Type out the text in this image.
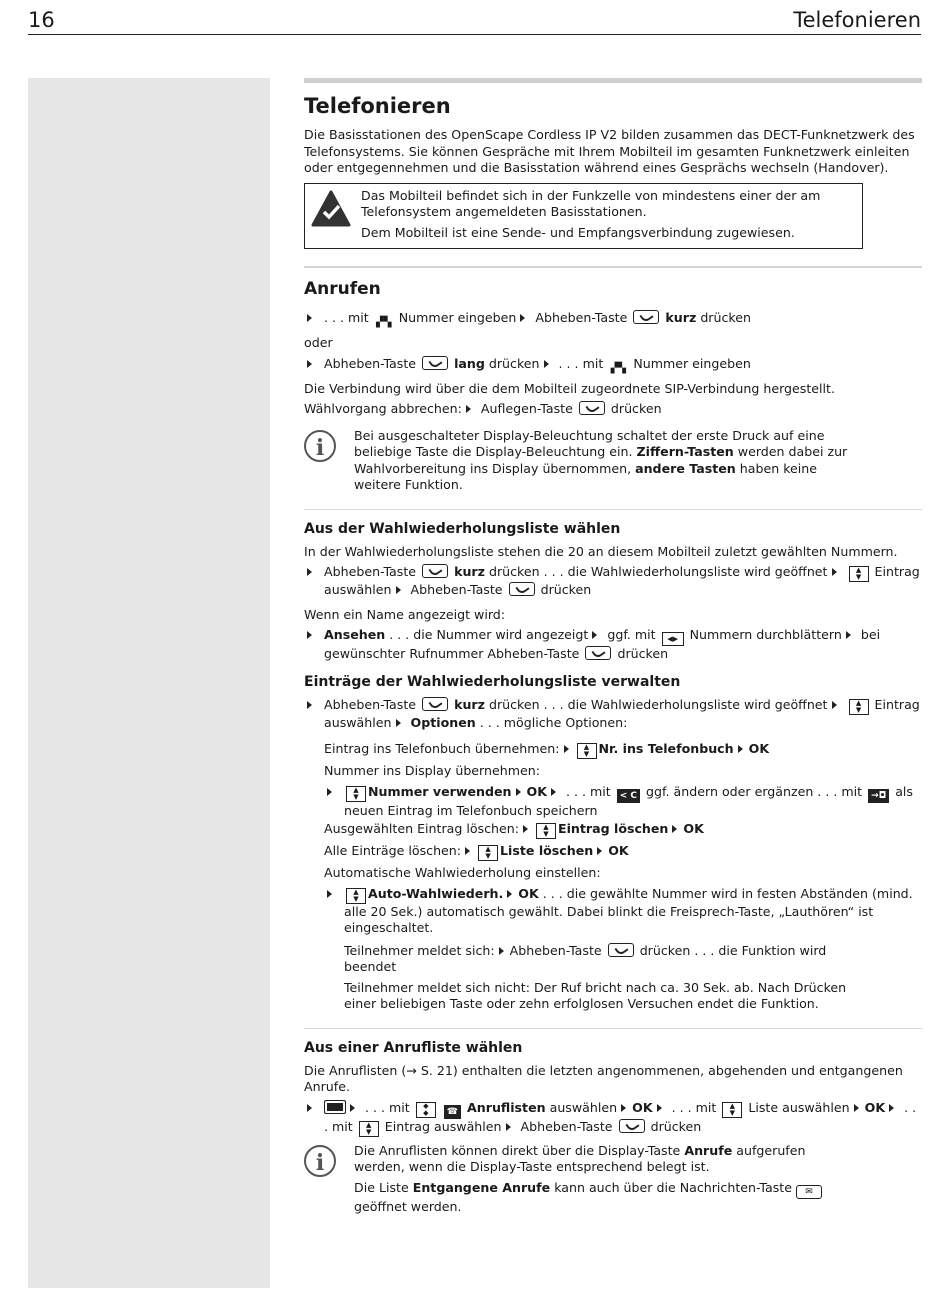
16	Telefonieren
Telefonieren

Die Basisstationen des OpenScape Cordless IP V2 bilden zusammen das DECT-Funknetzwerk des Telefonsystems. Sie können Gespräche mit Ihrem Mobilteil im gesamten Funknetzwerk einleiten oder entgegennehmen und die Basisstation während eines Gesprächs wechseln (Handover).

Das Mobilteil befindet sich in der Funkzelle von mindestens einer der am Telefonsystem angemeldeten Basisstationen.

Dem Mobilteil ist eine Sende- und Empfangsverbindung zugewiesen.

Anrufen
. . . mit ▞▚ Nummer eingeben Abheben-Taste	kurz drücken

oder

Abheben-Taste	lang drücken . . . mit ▞▚ Nummer eingeben

Die Verbindung wird über die dem Mobilteil zugeordnete SIP-Verbindung hergestellt.

Wählvorgang abbrechen: Auflegen-Taste	drücken

i	Bei ausgeschalteter Display-Beleuchtung schaltet der erste Druck auf eine beliebige Taste die Display-Beleuchtung ein. Ziffern-Tasten werden dabei zur Wahlvorbereitung ins Display übernommen, andere Tasten haben keine weitere Funktion.
Aus der Wahlwiederholungsliste wählen

In der Wahlwiederholungsliste stehen die 20 an diesem Mobilteil zuletzt gewählten Nummern.

Abheben-Taste	kurz drücken . . . die Wahlwiederholungsliste wird geöffnet	▲
▼ Eintrag auswählen Abheben-Taste	drücken

Wenn ein Name angezeigt wird:

Ansehen . . . die Nummer wird angezeigt ggf. mit ◀▶ Nummern durchblättern bei gewünschter Rufnummer Abheben-Taste	drücken
Einträge der Wahlwiederholungsliste verwalten
Abheben-Taste	kurz drücken . . . die Wahlwiederholungsliste wird geöffnet	▲
▼ Eintrag auswählen Optionen . . . mögliche Optionen:

Eintrag ins Telefonbuch übernehmen:	▲
▼ Nr. ins Telefonbuch OK

Nummer ins Display übernehmen:

▲
▼ Nummer verwenden OK . . . mit < C ggf. ändern oder ergänzen . . . mit →◘ als neuen Eintrag im Telefonbuch speichern

Ausgewählten Eintrag löschen:	▲
▼ Eintrag löschen OK

Alle Einträge löschen:	▲
▼ Liste löschen OK

Automatische Wahlwiederholung einstellen:

▲
▼ Auto-Wahlwiederh. OK . . . die gewählte Nummer wird in festen Abständen (mind. alle 20 Sek.) automatisch gewählt. Dabei blinkt die Freisprech-Taste, „Lauthören“ ist eingeschaltet.

Teilnehmer meldet sich: Abheben-Taste	drücken . . . die Funktion wird beendet

Teilnehmer meldet sich nicht: Der Ruf bricht nach ca. 30 Sek. ab. Nach Drücken einer beliebigen Taste oder zehn erfolglosen Versuchen endet die Funktion.

Aus einer Anrufliste wählen

Die Anruflisten (→ S. 21) enthalten die letzten angenommenen, abgehenden und entgangenen Anrufe.

. . . mit ◆
◆ ☎ Anruflisten auswählen OK . . . mit ▲
▼ Liste auswählen OK . . . mit ▲
▼ Eintrag auswählen Abheben-Taste	drücken
i	Die Anruflisten können direkt über die Display-Taste Anrufe aufgerufen werden, wenn die Display-Taste entsprechend belegt ist.

Die Liste Entgangene Anrufe kann auch über die Nachrichten-Taste ✉ geöffnet werden.
